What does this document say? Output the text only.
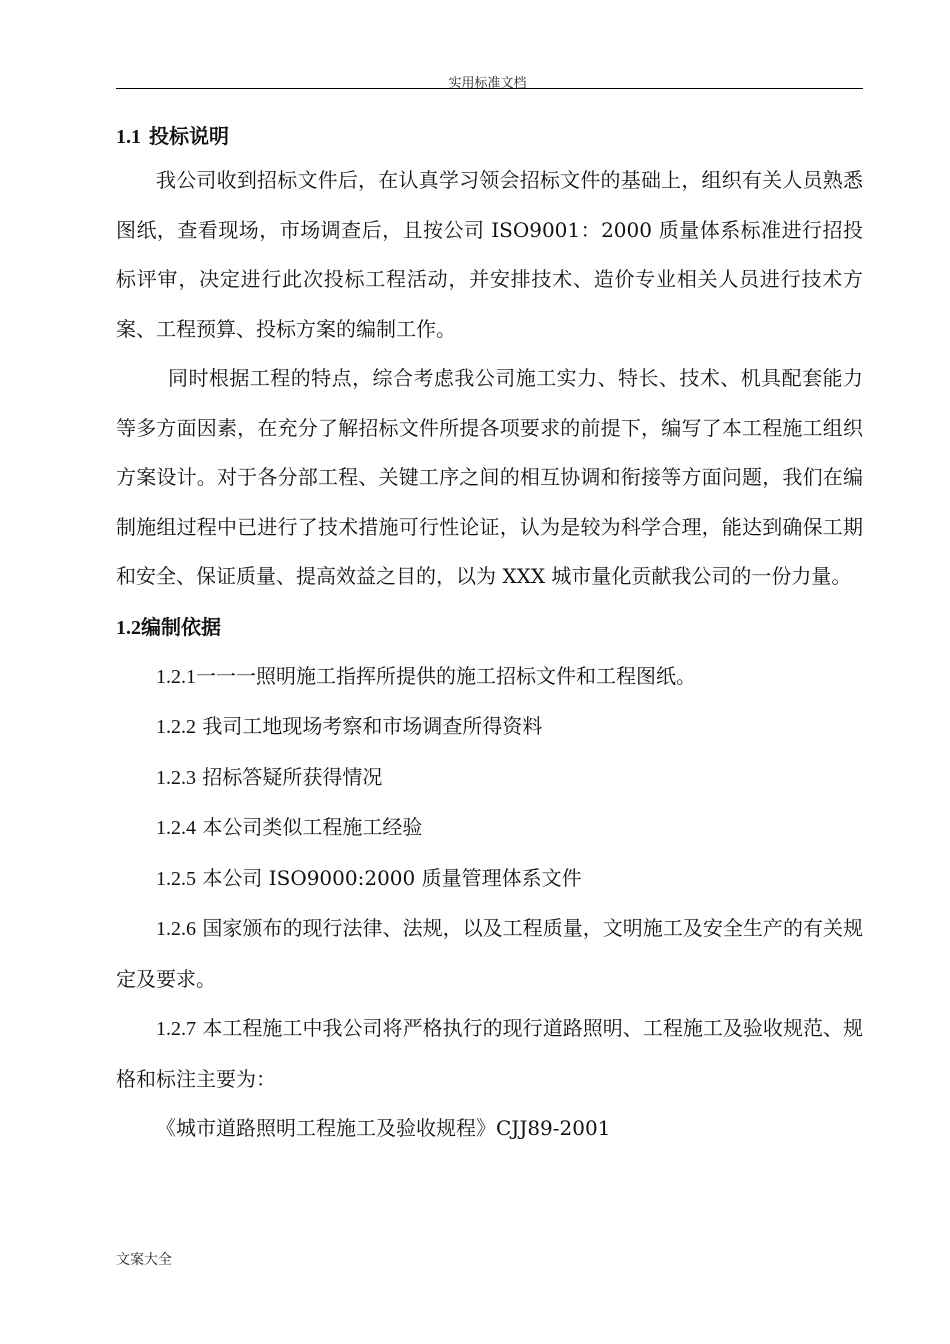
实用标准文档
1.1 投标说明

我公司收到招标文件后，在认真学习领会招标文件的基础上，组织有关人员熟悉图纸，查看现场，市场调查后，且按公司 ISO9001：2000 质量体系标准进行招投标评审，决定进行此次投标工程活动，并安排技术、造价专业相关人员进行技术方案、工程预算、投标方案的编制工作。

同时根据工程的特点，综合考虑我公司施工实力、特长、技术、机具配套能力等多方面因素，在充分了解招标文件所提各项要求的前提下，编写了本工程施工组织方案设计。对于各分部工程、关键工序之间的相互协调和衔接等方面问题，我们在编制施组过程中已进行了技术措施可行性论证，认为是较为科学合理，能达到确保工期和安全、保证质量、提高效益之目的，以为 XXX 城市量化贡献我公司的一份力量。

1.2编制依据

1.2.1一一一照明施工指挥所提供的施工招标文件和工程图纸。

1.2.2 我司工地现场考察和市场调查所得资料

1.2.3 招标答疑所获得情况

1.2.4 本公司类似工程施工经验

1.2.5 本公司 ISO9000:2000 质量管理体系文件

1.2.6 国家颁布的现行法律、法规，以及工程质量，文明施工及安全生产的有关规定及要求。

1.2.7 本工程施工中我公司将严格执行的现行道路照明、工程施工及验收规范、规格和标注主要为：

《城市道路照明工程施工及验收规程》CJJ89-2001

文案大全
